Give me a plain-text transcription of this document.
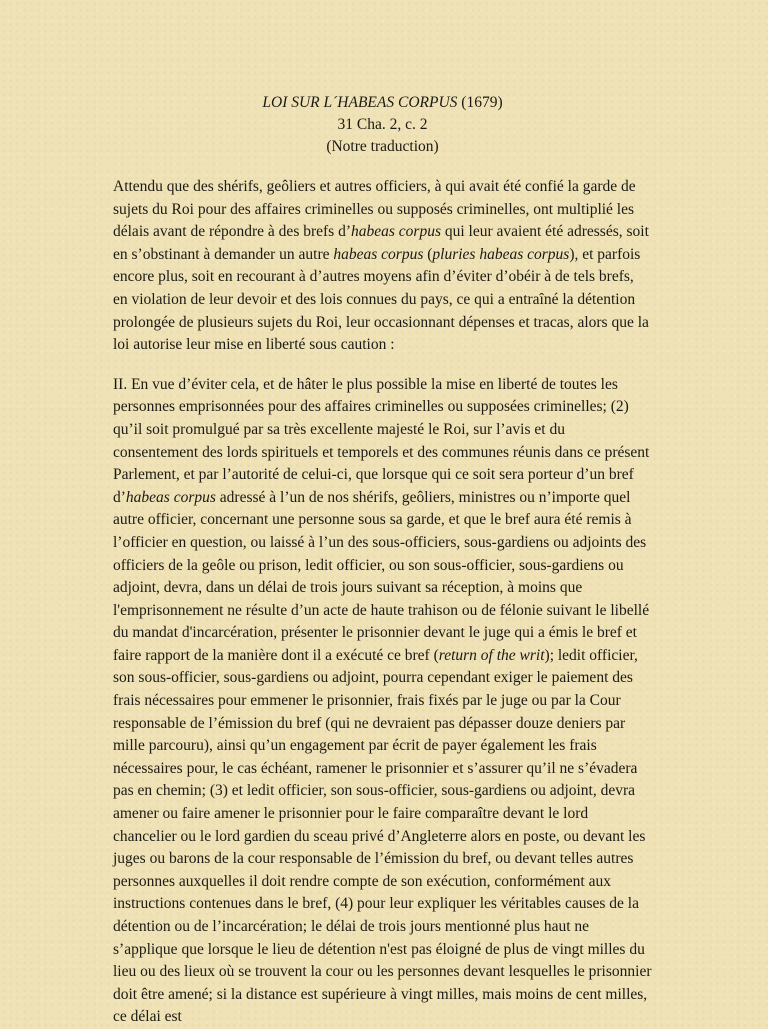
LOI SUR L´HABEAS CORPUS (1679)
31 Cha. 2, c. 2
(Notre traduction)

Attendu que des shérifs, geôliers et autres officiers, à qui avait été confié la garde de sujets du Roi pour des affaires criminelles ou supposés criminelles, ont multiplié les délais avant de répondre à des brefs d’habeas corpus qui leur avaient été adressés, soit en s’obstinant à demander un autre habeas corpus (pluries habeas corpus), et parfois encore plus, soit en recourant à d’autres moyens afin d’éviter d’obéir à de tels brefs, en violation de leur devoir et des lois connues du pays, ce qui a entraîné la détention prolongée de plusieurs sujets du Roi, leur occasionnant dépenses et tracas, alors que la loi autorise leur mise en liberté sous caution :

II. En vue d’éviter cela, et de hâter le plus possible la mise en liberté de toutes les personnes emprisonnées pour des affaires criminelles ou supposées criminelles; (2) qu’il soit promulgué par sa très excellente majesté le Roi, sur l’avis et du consentement des lords spirituels et temporels et des communes réunis dans ce présent Parlement, et par l’autorité de celui-ci, que lorsque qui ce soit sera porteur d’un bref d’habeas corpus adressé à l’un de nos shérifs, geôliers, ministres ou n’importe quel autre officier, concernant une personne sous sa garde, et que le bref aura été remis à l’officier en question, ou laissé à l’un des sous-officiers, sous-gardiens ou adjoints des officiers de la geôle ou prison, ledit officier, ou son sous-officier, sous-gardiens ou adjoint, devra, dans un délai de trois jours suivant sa réception, à moins que l'emprisonnement ne résulte d’un acte de haute trahison ou de félonie suivant le libellé du mandat d'incarcération, présenter le prisonnier devant le juge qui a émis le bref et faire rapport de la manière dont il a exécuté ce bref (return of the writ); ledit officier, son sous-officier, sous-gardiens ou adjoint, pourra cependant exiger le paiement des frais nécessaires pour emmener le prisonnier, frais fixés par le juge ou par la Cour responsable de l’émission du bref (qui ne devraient pas dépasser douze deniers par mille parcouru), ainsi qu’un engagement par écrit de payer également les frais nécessaires pour, le cas échéant, ramener le prisonnier et s’assurer qu’il ne s’évadera pas en chemin; (3) et ledit officier, son sous-officier, sous-gardiens ou adjoint, devra amener ou faire amener le prisonnier pour le faire comparaître devant le lord chancelier ou le lord gardien du sceau privé d’Angleterre alors en poste, ou devant les juges ou barons de la cour responsable de l’émission du bref, ou devant telles autres personnes auxquelles il doit rendre compte de son exécution, conformément aux instructions contenues dans le bref, (4) pour leur expliquer les véritables causes de la détention ou de l’incarcération; le délai de trois jours mentionné plus haut ne s’applique que lorsque le lieu de détention n'est pas éloigné de plus de vingt milles du lieu ou des lieux où se trouvent la cour ou les personnes devant lesquelles le prisonnier doit être amené; si la distance est supérieure à vingt milles, mais moins de cent milles, ce délai est
